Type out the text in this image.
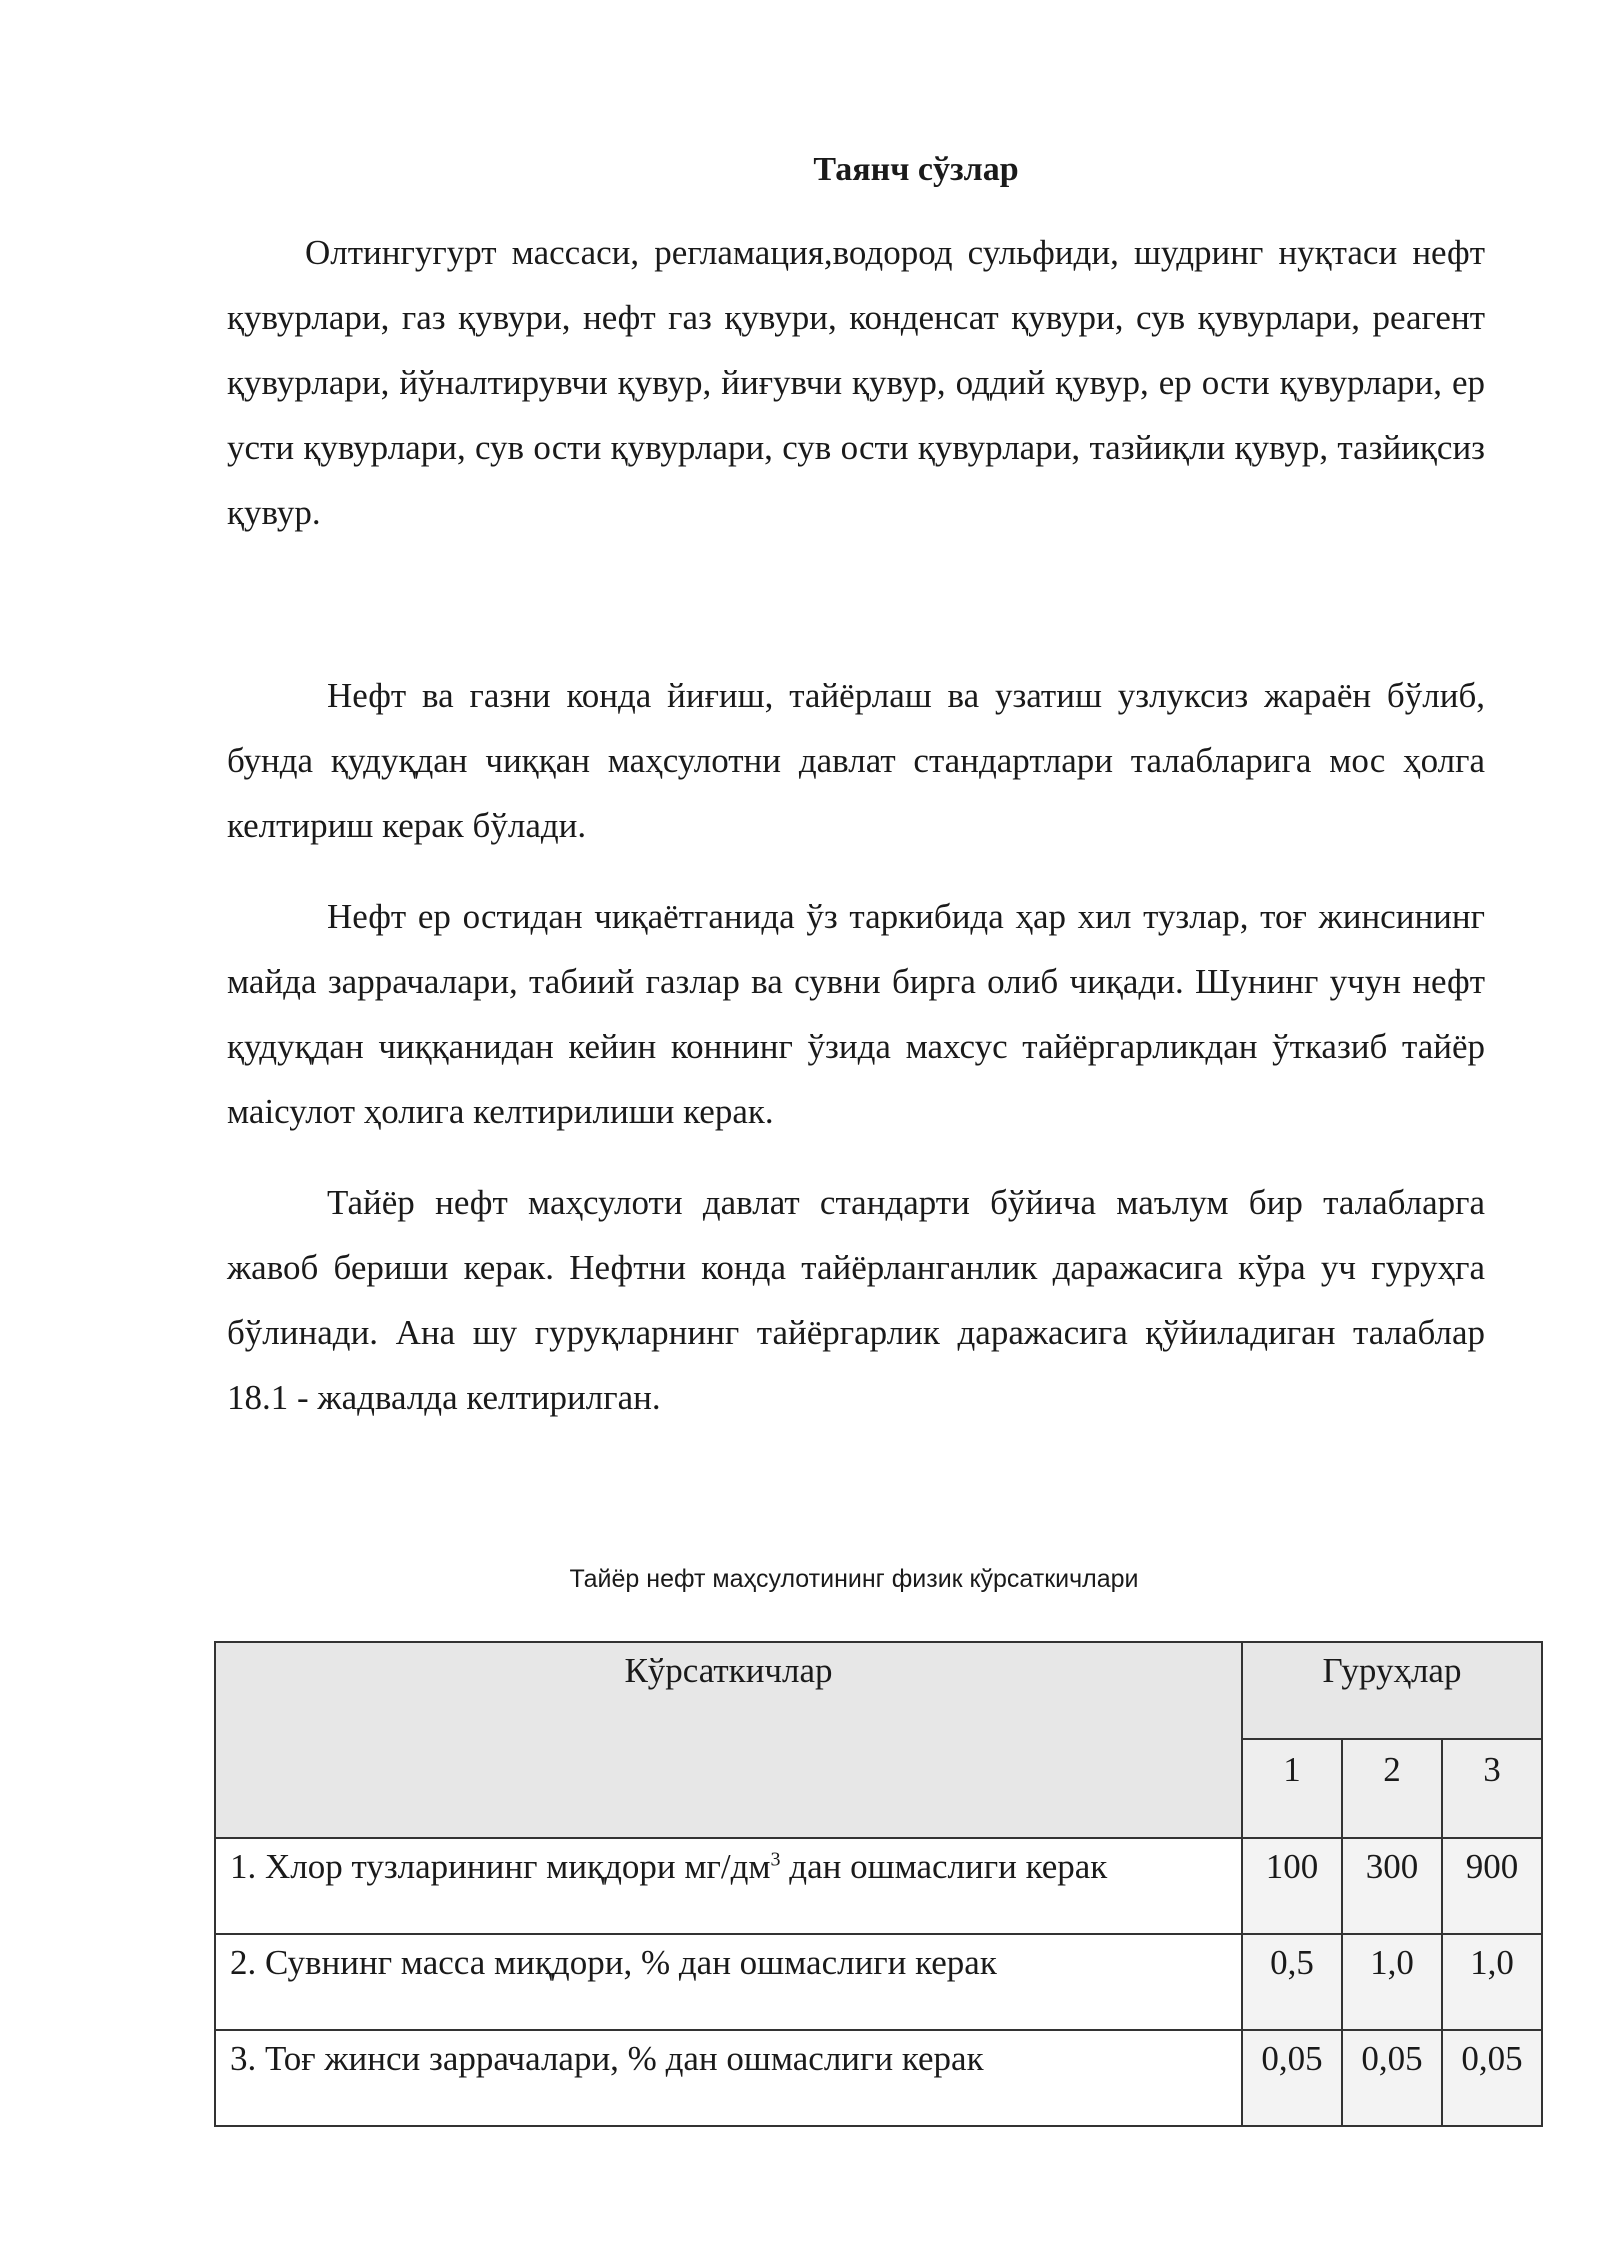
Таянч сўзлар

Олтингугурт массаси, регламация,водород сульфиди, шудринг нуқтаси нефт қувурлари, газ қувури, нефт газ қувури, конденсат қувури, сув қувурлари, реагент қувурлари, йўналтирувчи қувур, йиғувчи қувур, оддий қувур, ер ости қувурлари, ер усти қувурлари, сув ости қувурлари, сув ости қувурлари, тазйиқли қувур, тазйиқсиз қувур.

Нефт ва газни конда йиғиш, тайёрлаш ва узатиш узлуксиз жараён бўлиб, бунда қудуқдан чиққан маҳсулотни давлат стандартлари талабларига мос ҳолга келтириш керак бўлади.

Нефт ер остидан чиқаётганида ўз таркибида ҳар хил тузлар, тоғ жинсининг майда заррачалари, табиий газлар ва сувни бирга олиб чиқади. Шунинг учун нефт қудуқдан чиққанидан кейин коннинг ўзида махсус тайёргарликдан ўтказиб тайёр маісулот ҳолига келтирилиши керак.

Тайёр нефт маҳсулоти давлат стандарти бўйича маълум бир талабларга жавоб бериши керак. Нефтни конда тайёрланганлик даражасига кўра уч гуруҳга бўлинади. Ана шу гуруқларнинг тайёргарлик даражасига қўйиладиган талаблар 18.1 - жадвалда келтирилган.

Тайёр нефт маҳсулотининг физик кўрсаткичлари
Кўрсаткичлар	Гуруҳлар		
	1	2	3
1. Хлор тузларининг миқдори $мг/дм^3$ дан ошмаслиги керак	100	300	900
2. Сувнинг масса миқдори, % дан ошмаслиги керак	0,5	1,0	1,0
3. Тоғ жинси заррачалари, % дан ошмаслиги керак	0,05	0,05	0,05
